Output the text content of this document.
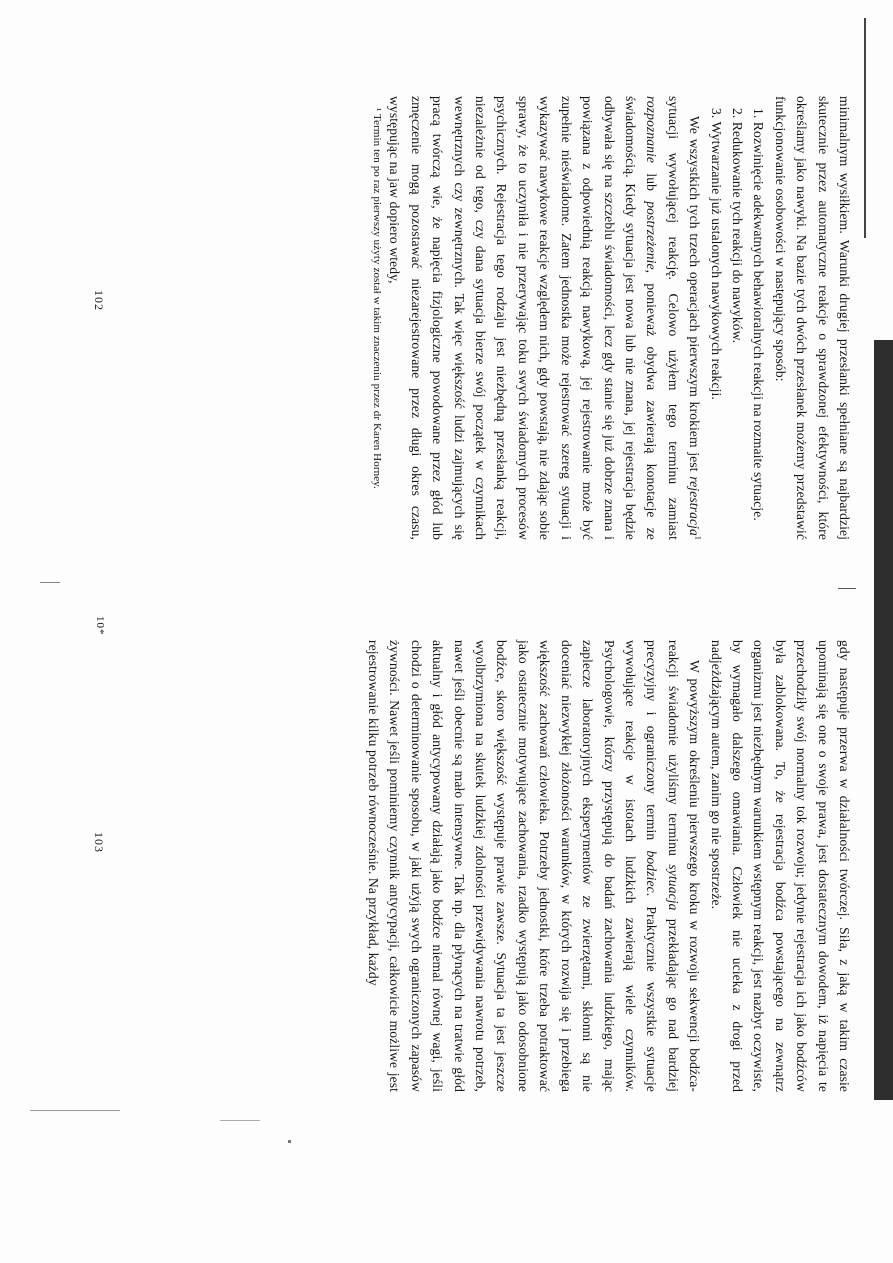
minimalnym wysiłkiem. Warunki drugiej przesłanki spełniane są najbardziej skutecznie przez automatyczne reakcje o sprawdzonej efektywności, które określamy jako nawyki. Na bazie tych dwóch przesłanek możemy przedstawić funkcjonowanie osobowości w następujący sposób:

1. Rozwinięcie adekwatnych behawioralnych reakcji na rozmaite sytuacje.

2. Redukowanie tych reakcji do nawyków.

3. Wytwarzanie już ustalonych nawykowych reakcji.

We wszystkich tych trzech operacjach pierwszym krokiem jest rejestracja$^1$ sytuacji wywołującej reakcję. Celowo użyłem tego terminu zamiast rozpoznanie lub postrzeżenie, ponieważ obydwa zawierają konotacje ze świadomością. Kiedy sytuacja jest nowa lub nie znana, jej rejestracja będzie odbywała się na szczeblu świadomości, lecz gdy stanie się już dobrze znana i powiązana z odpowiednią reakcją nawykową, jej rejestrowanie może być zupełnie nieświadome. Zatem jednostka może rejestrować szereg sytuacji i wykazywać nawykowe reakcje względem nich, gdy powstają, nie zdając sobie sprawy, że to uczyniła i nie przerywając toku swych świadomych procesów psychicznych. Rejestracja tego rodzaju jest niezbędną przesłanką reakcji, niezależnie od tego, czy dana sytuacja bierze swój początek w czynnikach wewnętrznych czy zewnętrznych. Tak więc większość ludzi zajmujących się pracą twórczą wie, że napięcia fizjologiczne powodowane przez głód lub zmęczenie mogą pozostawać niezarejestrowane przez długi okres czasu, występując na jaw dopiero wtedy,

¹ Termin ten po raz pierwszy użyty został w takim znaczeniu przez dr Karen Horney.

102

gdy następuje przerwa w działalności twórczej. Siła, z jaką w takim czasie upominają się one o swoje prawa, jest dostatecznym dowodem, iż napięcia te przechodziły swój normalny tok rozwoju; jedynie rejestracja ich jako bodźców była zablokowana. To, że rejestracja bodźca powstającego na zewnątrz organizmu jest niezbędnym warunkiem wstępnym reakcji, jest nazbyt oczywiste, by wymagało dalszego omawiania. Człowiek nie ucieka z drogi przed nadjeżdżającym autem, zanim go nie spostrzeże.

W powyższym określeniu pierwszego kroku w rozwoju sekwencji bodźca-reakcji świadomie użyliśmy terminu sytuacja przekładając go nad bardziej precyzyjny i ograniczony termin bodziec. Praktycznie wszystkie sytuacje wywołujące reakcje w istotach ludzkich zawierają wiele czynników. Psychologowie, którzy przystępują do badań zachowania ludzkiego, mając zaplecze laboratoryjnych eksperymentów ze zwierzętami, skłonni są nie doceniać niezwykłej złożoności warunków, w których rozwija się i przebiega większość zachowań człowieka. Potrzeby jednostki, które trzeba potraktować jako ostatecznie motywujące zachowania, rzadko występują jako odosobnione bodźce, skoro większość występuje prawie zawsze. Sytuacja ta jest jeszcze wyolbrzymiona na skutek ludzkiej zdolności przewidywania nawrotu potrzeb, nawet jeśli obecnie są mało intensywne. Tak np. dla płynących na tratwie głód aktualny i głód antycypowany działają jako bodźce niemal równej wagi, jeśli chodzi o determinowanie sposobu, w jaki użyją swych ograniczonych zapasów żywności. Nawet jeśli pominiemy czynnik antycypacji, całkowicie możliwe jest rejestrowanie kilku potrzeb równocześnie. Na przykład, każdy

103
10*
